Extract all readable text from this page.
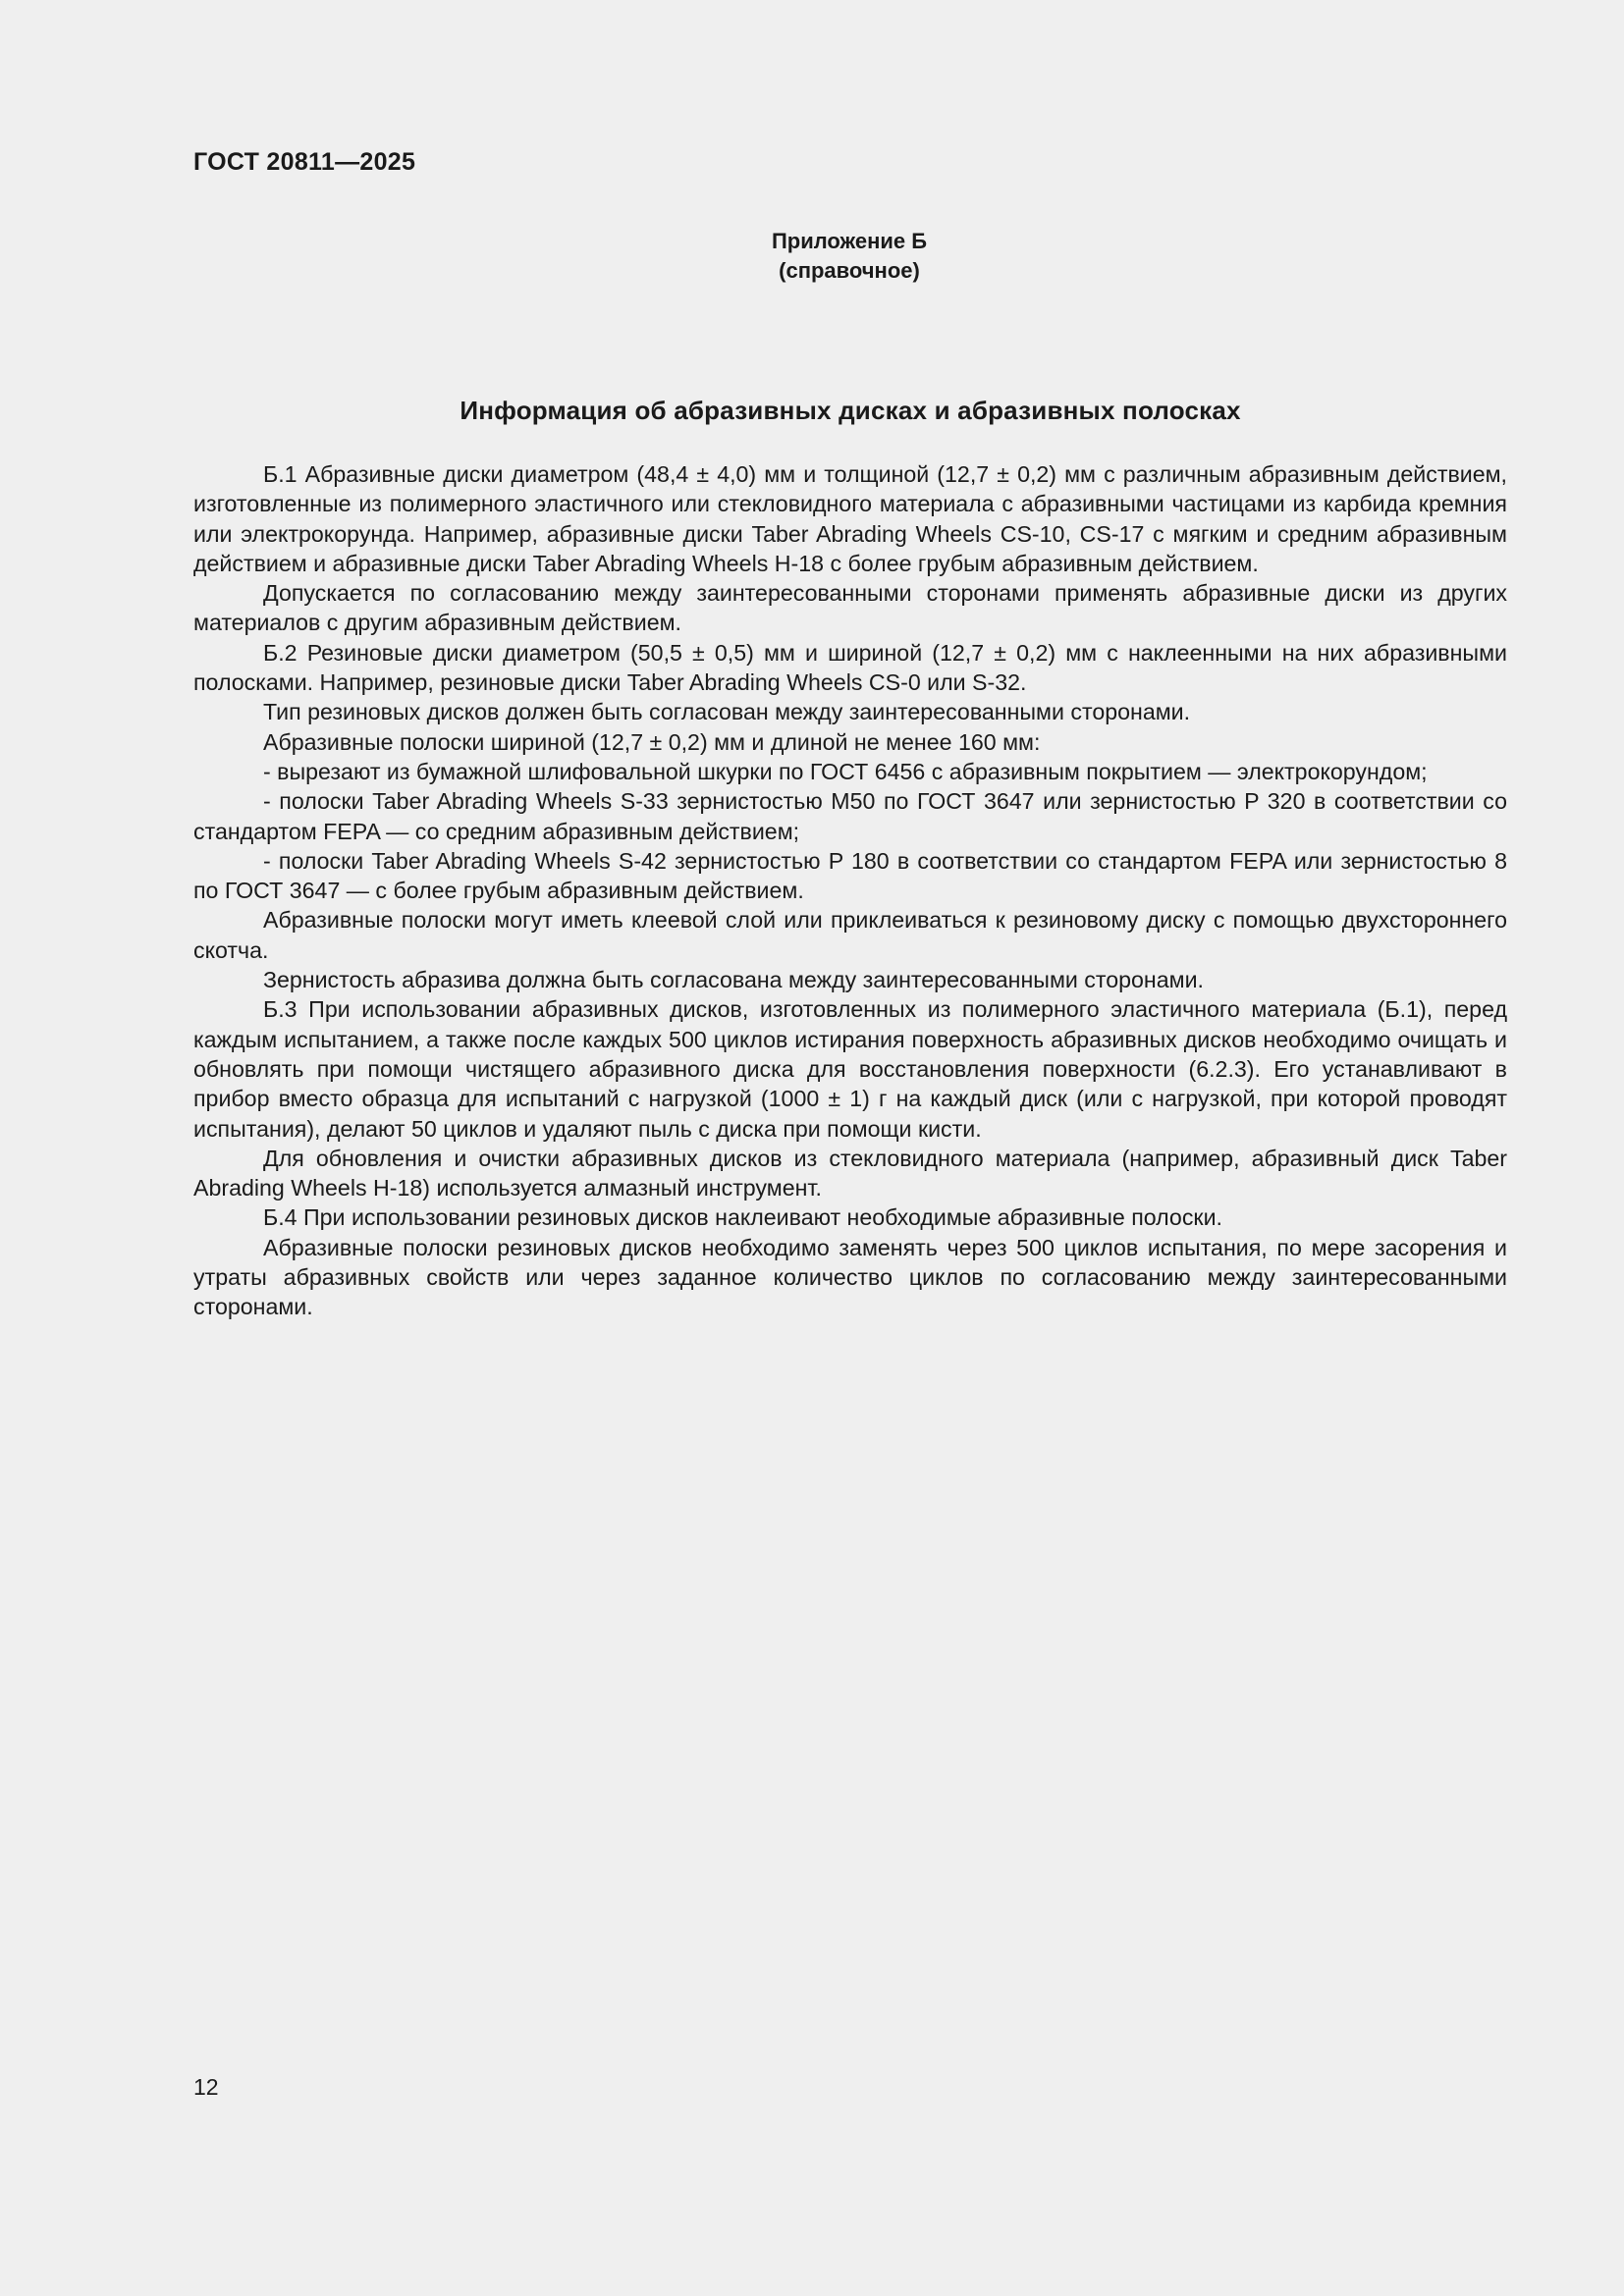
ГОСТ 20811—2025
Приложение Б
(справочное)
Информация об абразивных дисках и абразивных полосках

Б.1 Абразивные диски диаметром (48,4 ± 4,0) мм и толщиной (12,7 ± 0,2) мм с различным абразивным действием, изготовленные из полимерного эластичного или стекловидного материала с абразивными частицами из карбида кремния или электрокорунда. Например, абразивные диски Taber Abrading Wheels CS-10, CS-17 с мягким и средним абразивным действием и абразивные диски Taber Abrading Wheels H-18 с более грубым абразивным действием.

Допускается по согласованию между заинтересованными сторонами применять абразивные диски из других материалов с другим абразивным действием.

Б.2 Резиновые диски диаметром (50,5 ± 0,5) мм и шириной (12,7 ± 0,2) мм с наклеенными на них абразивными полосками. Например, резиновые диски Taber Abrading Wheels CS-0 или S-32.

Тип резиновых дисков должен быть согласован между заинтересованными сторонами.

Абразивные полоски шириной (12,7 ± 0,2) мм и длиной не менее 160 мм:

- вырезают из бумажной шлифовальной шкурки по ГОСТ 6456 с абразивным покрытием — электрокорундом;

- полоски Taber Abrading Wheels S-33 зернистостью M50 по ГОСТ 3647 или зернистостью P 320 в соответствии со стандартом FEPA — со средним абразивным действием;

- полоски Taber Abrading Wheels S-42 зернистостью P 180 в соответствии со стандартом FEPA или зернистостью 8 по ГОСТ 3647 — с более грубым абразивным действием.

Абразивные полоски могут иметь клеевой слой или приклеиваться к резиновому диску с помощью двухстороннего скотча.

Зернистость абразива должна быть согласована между заинтересованными сторонами.

Б.3 При использовании абразивных дисков, изготовленных из полимерного эластичного материала (Б.1), перед каждым испытанием, а также после каждых 500 циклов истирания поверхность абразивных дисков необходимо очищать и обновлять при помощи чистящего абразивного диска для восстановления поверхности (6.2.3). Его устанавливают в прибор вместо образца для испытаний с нагрузкой (1000 ± 1) г на каждый диск (или с нагрузкой, при которой проводят испытания), делают 50 циклов и удаляют пыль с диска при помощи кисти.

Для обновления и очистки абразивных дисков из стекловидного материала (например, абразивный диск Taber Abrading Wheels H-18) используется алмазный инструмент.

Б.4 При использовании резиновых дисков наклеивают необходимые абразивные полоски.

Абразивные полоски резиновых дисков необходимо заменять через 500 циклов испытания, по мере засорения и утраты абразивных свойств или через заданное количество циклов по согласованию между заинтересованными сторонами.

12
